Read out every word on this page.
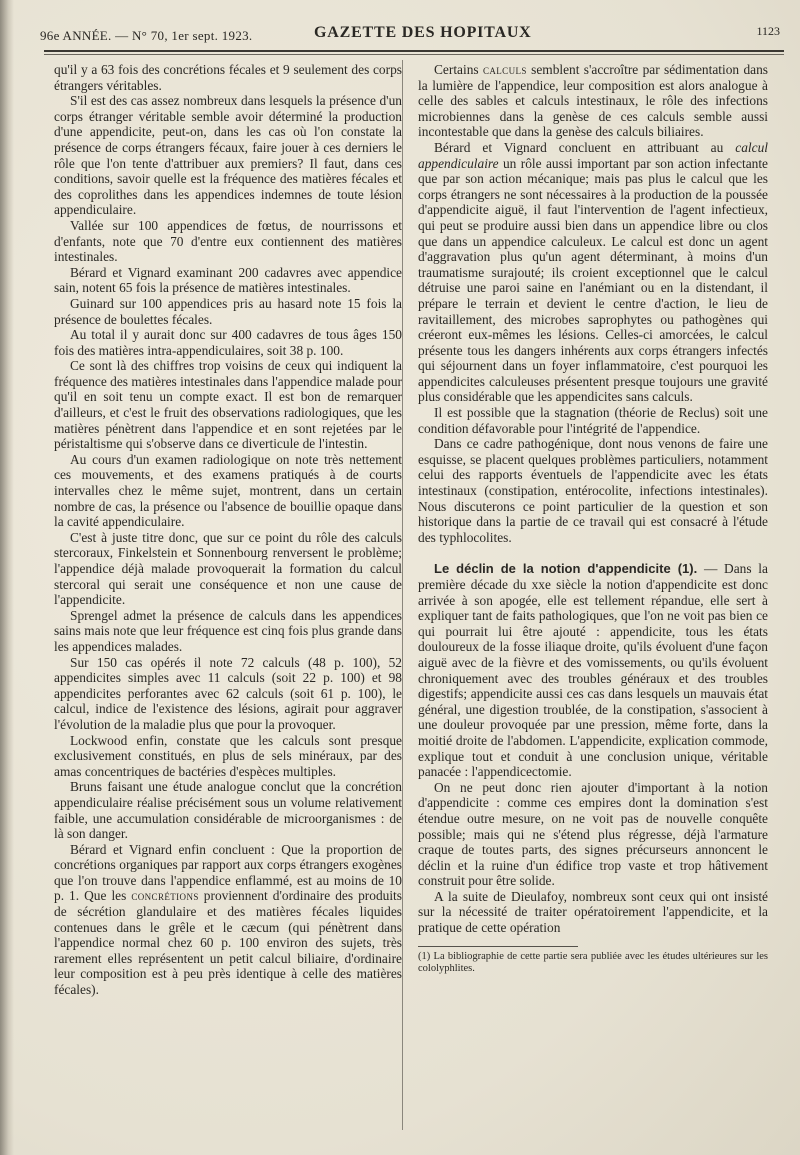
96e ANNÉE. — N° 70, 1er sept. 1923.	GAZETTE DES HOPITAUX	1123

qu'il y a 63 fois des concrétions fécales et 9 seulement des corps étrangers véritables.

S'il est des cas assez nombreux dans lesquels la présence d'un corps étranger véritable semble avoir déterminé la production d'une appendicite, peut-on, dans les cas où l'on constate la présence de corps étrangers fécaux, faire jouer à ces derniers le rôle que l'on tente d'attribuer aux premiers? Il faut, dans ces conditions, savoir quelle est la fréquence des matières fécales et des coprolithes dans les appendices indemnes de toute lésion appendiculaire.

Vallée sur 100 appendices de fœtus, de nourrissons et d'enfants, note que 70 d'entre eux contiennent des matières intestinales.

Bérard et Vignard examinant 200 cadavres avec appendice sain, notent 65 fois la présence de matières intestinales.

Guinard sur 100 appendices pris au hasard note 15 fois la présence de boulettes fécales.

Au total il y aurait donc sur 400 cadavres de tous âges 150 fois des matières intra-appendiculaires, soit 38 p. 100.

Ce sont là des chiffres trop voisins de ceux qui indiquent la fréquence des matières intestinales dans l'appendice malade pour qu'il en soit tenu un compte exact. Il est bon de remarquer d'ailleurs, et c'est le fruit des observations radiologiques, que les matières pénètrent dans l'appendice et en sont rejetées par le péristaltisme qui s'observe dans ce diverticule de l'intestin.

Au cours d'un examen radiologique on note très nettement ces mouvements, et des examens pratiqués à de courts intervalles chez le même sujet, montrent, dans un certain nombre de cas, la présence ou l'absence de bouillie opaque dans la cavité appendiculaire.

C'est à juste titre donc, que sur ce point du rôle des calculs stercoraux, Finkelstein et Sonnenbourg renversent le problème; l'appendice déjà malade provoquerait la formation du calcul stercoral qui serait une conséquence et non une cause de l'appendicite.

Sprengel admet la présence de calculs dans les appendices sains mais note que leur fréquence est cinq fois plus grande dans les appendices malades.

Sur 150 cas opérés il note 72 calculs (48 p. 100), 52 appendicites simples avec 11 calculs (soit 22 p. 100) et 98 appendicites perforantes avec 62 calculs (soit 61 p. 100), le calcul, indice de l'existence des lésions, agirait pour aggraver l'évolution de la maladie plus que pour la provoquer.

Lockwood enfin, constate que les calculs sont presque exclusivement constitués, en plus de sels minéraux, par des amas concentriques de bactéries d'espèces multiples.

Bruns faisant une étude analogue conclut que la concrétion appendiculaire réalise précisément sous un volume relativement faible, une accumulation considérable de microorganismes : de là son danger.

Bérard et Vignard enfin concluent : Que la proportion de concrétions organiques par rapport aux corps étrangers exogènes que l'on trouve dans l'appendice enflammé, est au moins de 10 p. 1. Que les concrétions proviennent d'ordinaire des produits de sécrétion glandulaire et des matières fécales liquides contenues dans le grêle et le cæcum (qui pénètrent dans l'appendice normal chez 60 p. 100 environ des sujets, très rarement elles représentent un petit calcul biliaire, d'ordinaire leur composition est à peu près identique à celle des matières fécales).

Certains calculs semblent s'accroître par sédimentation dans la lumière de l'appendice, leur composition est alors analogue à celle des sables et calculs intestinaux, le rôle des infections microbiennes dans la genèse de ces calculs semble aussi incontestable que dans la genèse des calculs biliaires.

Bérard et Vignard concluent en attribuant au calcul appendiculaire un rôle aussi important par son action infectante que par son action mécanique; mais pas plus le calcul que les corps étrangers ne sont nécessaires à la production de la poussée d'appendicite aiguë, il faut l'intervention de l'agent infectieux, qui peut se produire aussi bien dans un appendice libre ou clos que dans un appendice calculeux. Le calcul est donc un agent d'aggravation plus qu'un agent déterminant, à moins d'un traumatisme surajouté; ils croient exceptionnel que le calcul détruise une paroi saine en l'anémiant ou en la distendant, il prépare le terrain et devient le centre d'action, le lieu de ravitaillement, des microbes saprophytes ou pathogènes qui créeront eux-mêmes les lésions. Celles-ci amorcées, le calcul présente tous les dangers inhérents aux corps étrangers infectés qui séjournent dans un foyer inflammatoire, c'est pourquoi les appendicites calculeuses présentent presque toujours une gravité plus considérable que les appendicites sans calculs.

Il est possible que la stagnation (théorie de Reclus) soit une condition défavorable pour l'intégrité de l'appendice.

Dans ce cadre pathogénique, dont nous venons de faire une esquisse, se placent quelques problèmes particuliers, notamment celui des rapports éventuels de l'appendicite avec les états intestinaux (constipation, entérocolite, infections intestinales). Nous discuterons ce point particulier de la question et son historique dans la partie de ce travail qui est consacré à l'étude des typhlocolites.

Le déclin de la notion d'appendicite (1). — Dans la première décade du xxe siècle la notion d'appendicite est donc arrivée à son apogée, elle est tellement répandue, elle sert à expliquer tant de faits pathologiques, que l'on ne voit pas bien ce qui pourrait lui être ajouté : appendicite, tous les états douloureux de la fosse iliaque droite, qu'ils évoluent d'une façon aiguë avec de la fièvre et des vomissements, ou qu'ils évoluent chroniquement avec des troubles généraux et des troubles digestifs; appendicite aussi ces cas dans lesquels un mauvais état général, une digestion troublée, de la constipation, s'associent à une douleur provoquée par une pression, même forte, dans la moitié droite de l'abdomen. L'appendicite, explication commode, explique tout et conduit à une conclusion unique, véritable panacée : l'appendicectomie.

On ne peut donc rien ajouter d'important à la notion d'appendicite : comme ces empires dont la domination s'est étendue outre mesure, on ne voit pas de nouvelle conquête possible; mais qui ne s'étend plus régresse, déjà l'armature craque de toutes parts, des signes précurseurs annoncent le déclin et la ruine d'un édifice trop vaste et trop hâtivement construit pour être solide.

A la suite de Dieulafoy, nombreux sont ceux qui ont insisté sur la nécessité de traiter opératoirement l'appendicite, et la pratique de cette opération

(1) La bibliographie de cette partie sera publiée avec les études ultérieures sur les cololyphlites.
